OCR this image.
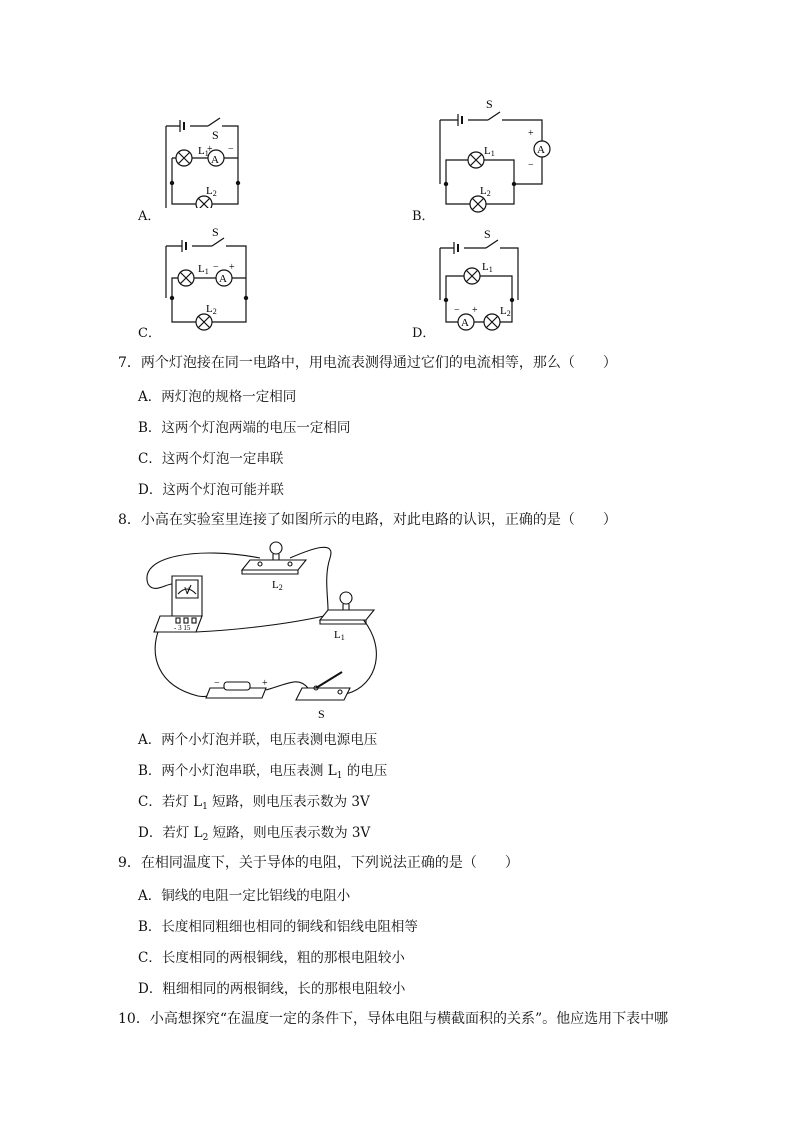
S
L1
+ −
A
L2
A．
S
A
+
−
L1
L2
B．
S
L1 − +
A
L2
C．
S
L1
− +
A
L2
D．
7．两个灯泡接在同一电路中，用电流表测得通过它们的电流相等，那么（　　）
A．两灯泡的规格一定相同
B．这两个灯泡两端的电压一定相同
C．这两个灯泡一定串联
D．这两个灯泡可能并联
8．小高在实验室里连接了如图所示的电路，对此电路的认识，正确的是（　　）
V
- 3 15
L2
L1
S
−	+
A．两个小灯泡并联，电压表测电源电压
B．两个小灯泡串联，电压表测 $L_1$ 的电压
C．若灯 $L_1$ 短路，则电压表示数为 3V
D．若灯 $L_2$ 短路，则电压表示数为 3V
9．在相同温度下，关于导体的电阻，下列说法正确的是（　　）
A．铜线的电阻一定比铝线的电阻小
B．长度相同粗细也相同的铜线和铝线电阻相等
C．长度相同的两根铜线，粗的那根电阻较小
D．粗细相同的两根铜线，长的那根电阻较小
10．小高想探究“在温度一定的条件下，导体电阻与横截面积的关系”。他应选用下表中哪
